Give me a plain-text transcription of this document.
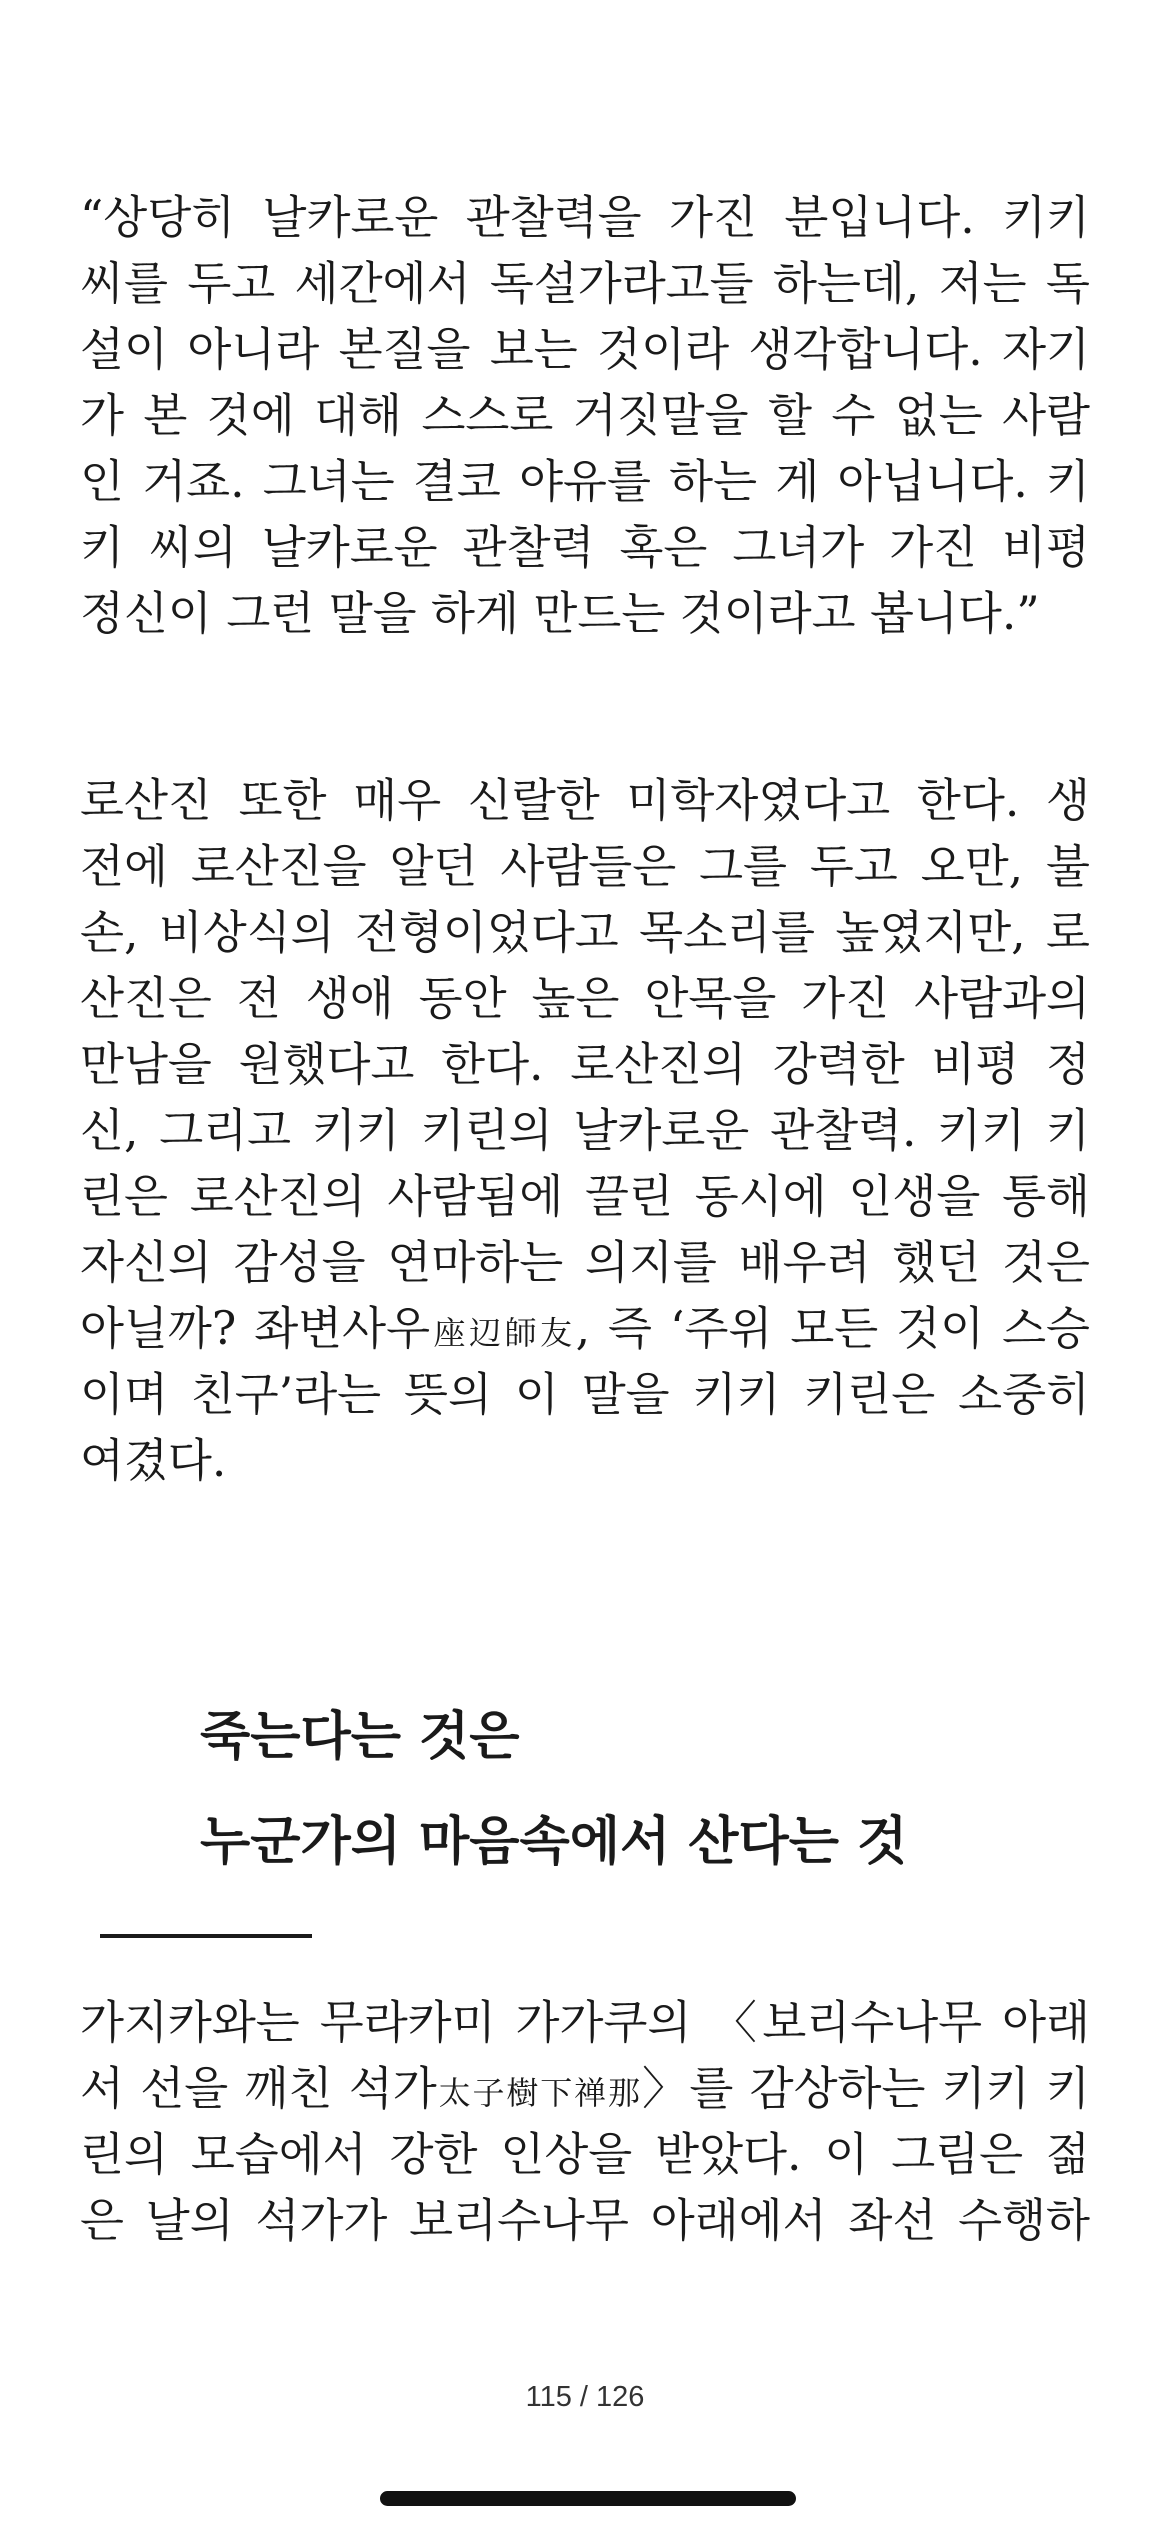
“상당히 날카로운 관찰력을 가진 분입니다. 키키
씨를 두고 세간에서 독설가라고들 하는데, 저는 독
설이 아니라 본질을 보는 것이라 생각합니다. 자기
가 본 것에 대해 스스로 거짓말을 할 수 없는 사람
인 거죠. 그녀는 결코 야유를 하는 게 아닙니다. 키
키 씨의 날카로운 관찰력 혹은 그녀가 가진 비평
정신이 그런 말을 하게 만드는 것이라고 봅니다.”

로산진 또한 매우 신랄한 미학자였다고 한다. 생
전에 로산진을 알던 사람들은 그를 두고 오만, 불
손, 비상식의 전형이었다고 목소리를 높였지만, 로
산진은 전 생애 동안 높은 안목을 가진 사람과의
만남을 원했다고 한다. 로산진의 강력한 비평 정
신, 그리고 키키 키린의 날카로운 관찰력. 키키 키
린은 로산진의 사람됨에 끌린 동시에 인생을 통해
자신의 감성을 연마하는 의지를 배우려 했던 것은
아닐까? 좌변사우座辺師友, 즉 ‘주위 모든 것이 스승
이며 친구’라는 뜻의 이 말을 키키 키린은 소중히
여겼다.

죽는다는 것은
누군가의 마음속에서 산다는 것

가지카와는 무라카미 가가쿠의 〈보리수나무 아래
서 선을 깨친 석가太子樹下禅那〉를 감상하는 키키 키
린의 모습에서 강한 인상을 받았다. 이 그림은 젊
은 날의 석가가 보리수나무 아래에서 좌선 수행하

115 / 126
